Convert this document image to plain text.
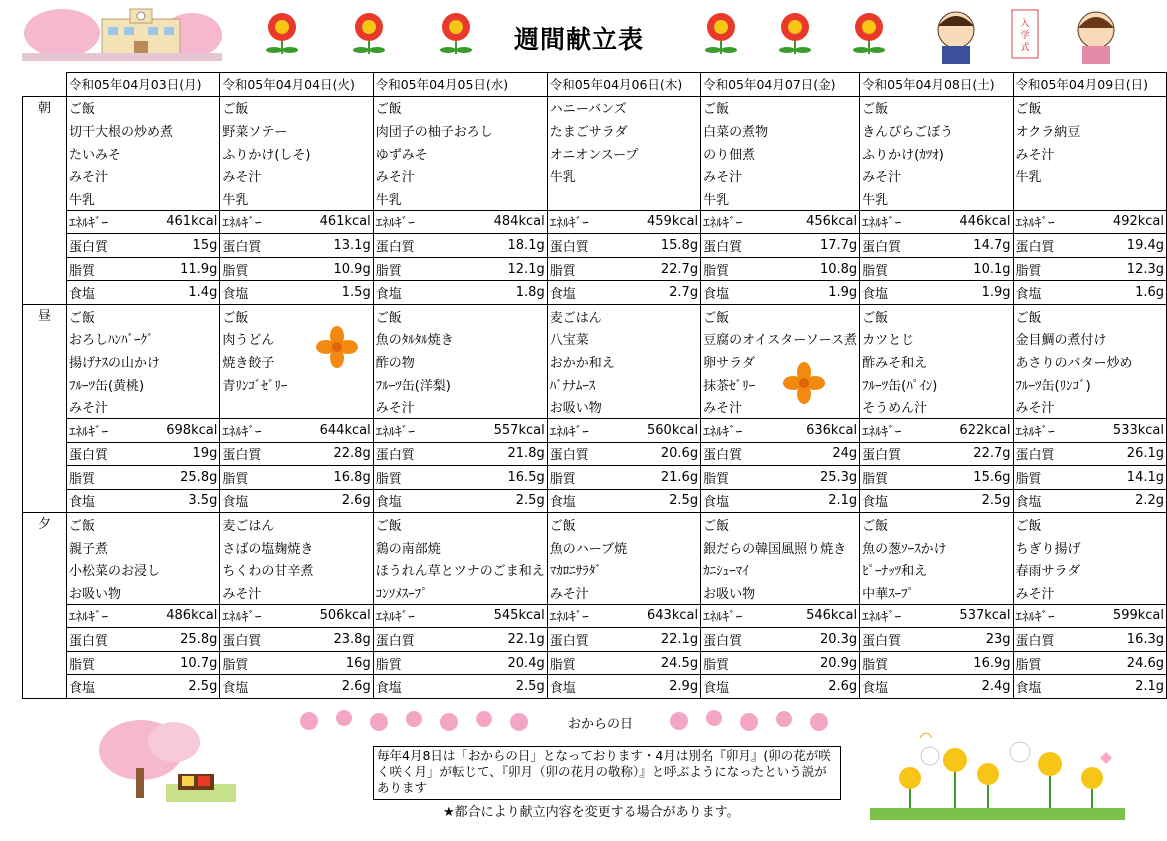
週間献立表
入
学
式
	令和05年04月03日(月)		令和05年04月04日(火)		令和05年04月05日(水)		令和05年04月06日(木)		令和05年04月07日(金)		令和05年04月08日(土)		令和05年04月09日(日)	
朝	ご飯		ご飯		ご飯		ハニーバンズ		ご飯		ご飯		ご飯	
	切干大根の炒め煮		野菜ソテー		肉団子の柚子おろし		たまごサラダ		白菜の煮物		きんぴらごぼう		オクラ納豆	
	たいみそ		ふりかけ(しそ)		ゆずみそ		オニオンスープ		のり佃煮		ふりかけ(ｶﾂｵ)		みそ汁	
	みそ汁		みそ汁		みそ汁		牛乳		みそ汁		みそ汁		牛乳	
	牛乳		牛乳		牛乳				牛乳		牛乳			
	ｴﾈﾙｷﾞｰ	461kcal	ｴﾈﾙｷﾞｰ	461kcal	ｴﾈﾙｷﾞｰ	484kcal	ｴﾈﾙｷﾞｰ	459kcal	ｴﾈﾙｷﾞｰ	456kcal	ｴﾈﾙｷﾞｰ	446kcal	ｴﾈﾙｷﾞｰ	492kcal
	蛋白質	15g	蛋白質	13.1g	蛋白質	18.1g	蛋白質	15.8g	蛋白質	17.7g	蛋白質	14.7g	蛋白質	19.4g
	脂質	11.9g	脂質	10.9g	脂質	12.1g	脂質	22.7g	脂質	10.8g	脂質	10.1g	脂質	12.3g
	食塩	1.4g	食塩	1.5g	食塩	1.8g	食塩	2.7g	食塩	1.9g	食塩	1.9g	食塩	1.6g
昼	ご飯		ご飯		ご飯		麦ごはん		ご飯		ご飯		ご飯	
	おろしﾊﾝﾊﾞｰｸﾞ		肉うどん		魚のﾀﾙﾀﾙ焼き		八宝菜		豆腐のオイスターソース煮		カツとじ		金目鯛の煮付け	
	揚げﾅｽの山かけ		焼き餃子		酢の物		おかか和え		卵サラダ		酢みそ和え		あさりのバター炒め	
	ﾌﾙｰﾂ缶(黄桃)		青ﾘﾝｺﾞｾﾞﾘｰ		ﾌﾙｰﾂ缶(洋梨)		ﾊﾞﾅﾅﾑｰｽ		抹茶ｾﾞﾘｰ		ﾌﾙｰﾂ缶(ﾊﾟｲﾝ)		ﾌﾙｰﾂ缶(ﾘﾝｺﾞ)	
	みそ汁				みそ汁		お吸い物		みそ汁		そうめん汁		みそ汁	
	ｴﾈﾙｷﾞｰ	698kcal	ｴﾈﾙｷﾞｰ	644kcal	ｴﾈﾙｷﾞｰ	557kcal	ｴﾈﾙｷﾞｰ	560kcal	ｴﾈﾙｷﾞｰ	636kcal	ｴﾈﾙｷﾞｰ	622kcal	ｴﾈﾙｷﾞｰ	533kcal
	蛋白質	19g	蛋白質	22.8g	蛋白質	21.8g	蛋白質	20.6g	蛋白質	24g	蛋白質	22.7g	蛋白質	26.1g
	脂質	25.8g	脂質	16.8g	脂質	16.5g	脂質	21.6g	脂質	25.3g	脂質	15.6g	脂質	14.1g
	食塩	3.5g	食塩	2.6g	食塩	2.5g	食塩	2.5g	食塩	2.1g	食塩	2.5g	食塩	2.2g
夕	ご飯		麦ごはん		ご飯		ご飯		ご飯		ご飯		ご飯	
	親子煮		さばの塩麹焼き		鶏の南部焼		魚のハーブ焼		銀だらの韓国風照り焼き		魚の葱ｿｰｽかけ		ちぎり揚げ	
	小松菜のお浸し		ちくわの甘辛煮		ほうれん草とツナのごま和え		ﾏｶﾛﾆｻﾗﾀﾞ		ｶﾆｼｭｰﾏｲ		ﾋﾟｰﾅｯﾂ和え		春雨サラダ	
	お吸い物		みそ汁		ｺﾝｿﾒｽｰﾌﾟ		みそ汁		お吸い物		中華ｽｰﾌﾟ		みそ汁	
	ｴﾈﾙｷﾞｰ	486kcal	ｴﾈﾙｷﾞｰ	506kcal	ｴﾈﾙｷﾞｰ	545kcal	ｴﾈﾙｷﾞｰ	643kcal	ｴﾈﾙｷﾞｰ	546kcal	ｴﾈﾙｷﾞｰ	537kcal	ｴﾈﾙｷﾞｰ	599kcal
	蛋白質	25.8g	蛋白質	23.8g	蛋白質	22.1g	蛋白質	22.1g	蛋白質	20.3g	蛋白質	23g	蛋白質	16.3g
	脂質	10.7g	脂質	16g	脂質	20.4g	脂質	24.5g	脂質	20.9g	脂質	16.9g	脂質	24.6g
	食塩	2.5g	食塩	2.6g	食塩	2.5g	食塩	2.9g	食塩	2.6g	食塩	2.4g	食塩	2.1g
おからの日
毎年4月8日は「おからの日」となっております・4月は別名『卯月』(卯の花が咲く咲く月」が転じて、『卯月（卯の花月の敬称）』と呼ぶようになったという説があります
★都合により献立内容を変更する場合があります。
